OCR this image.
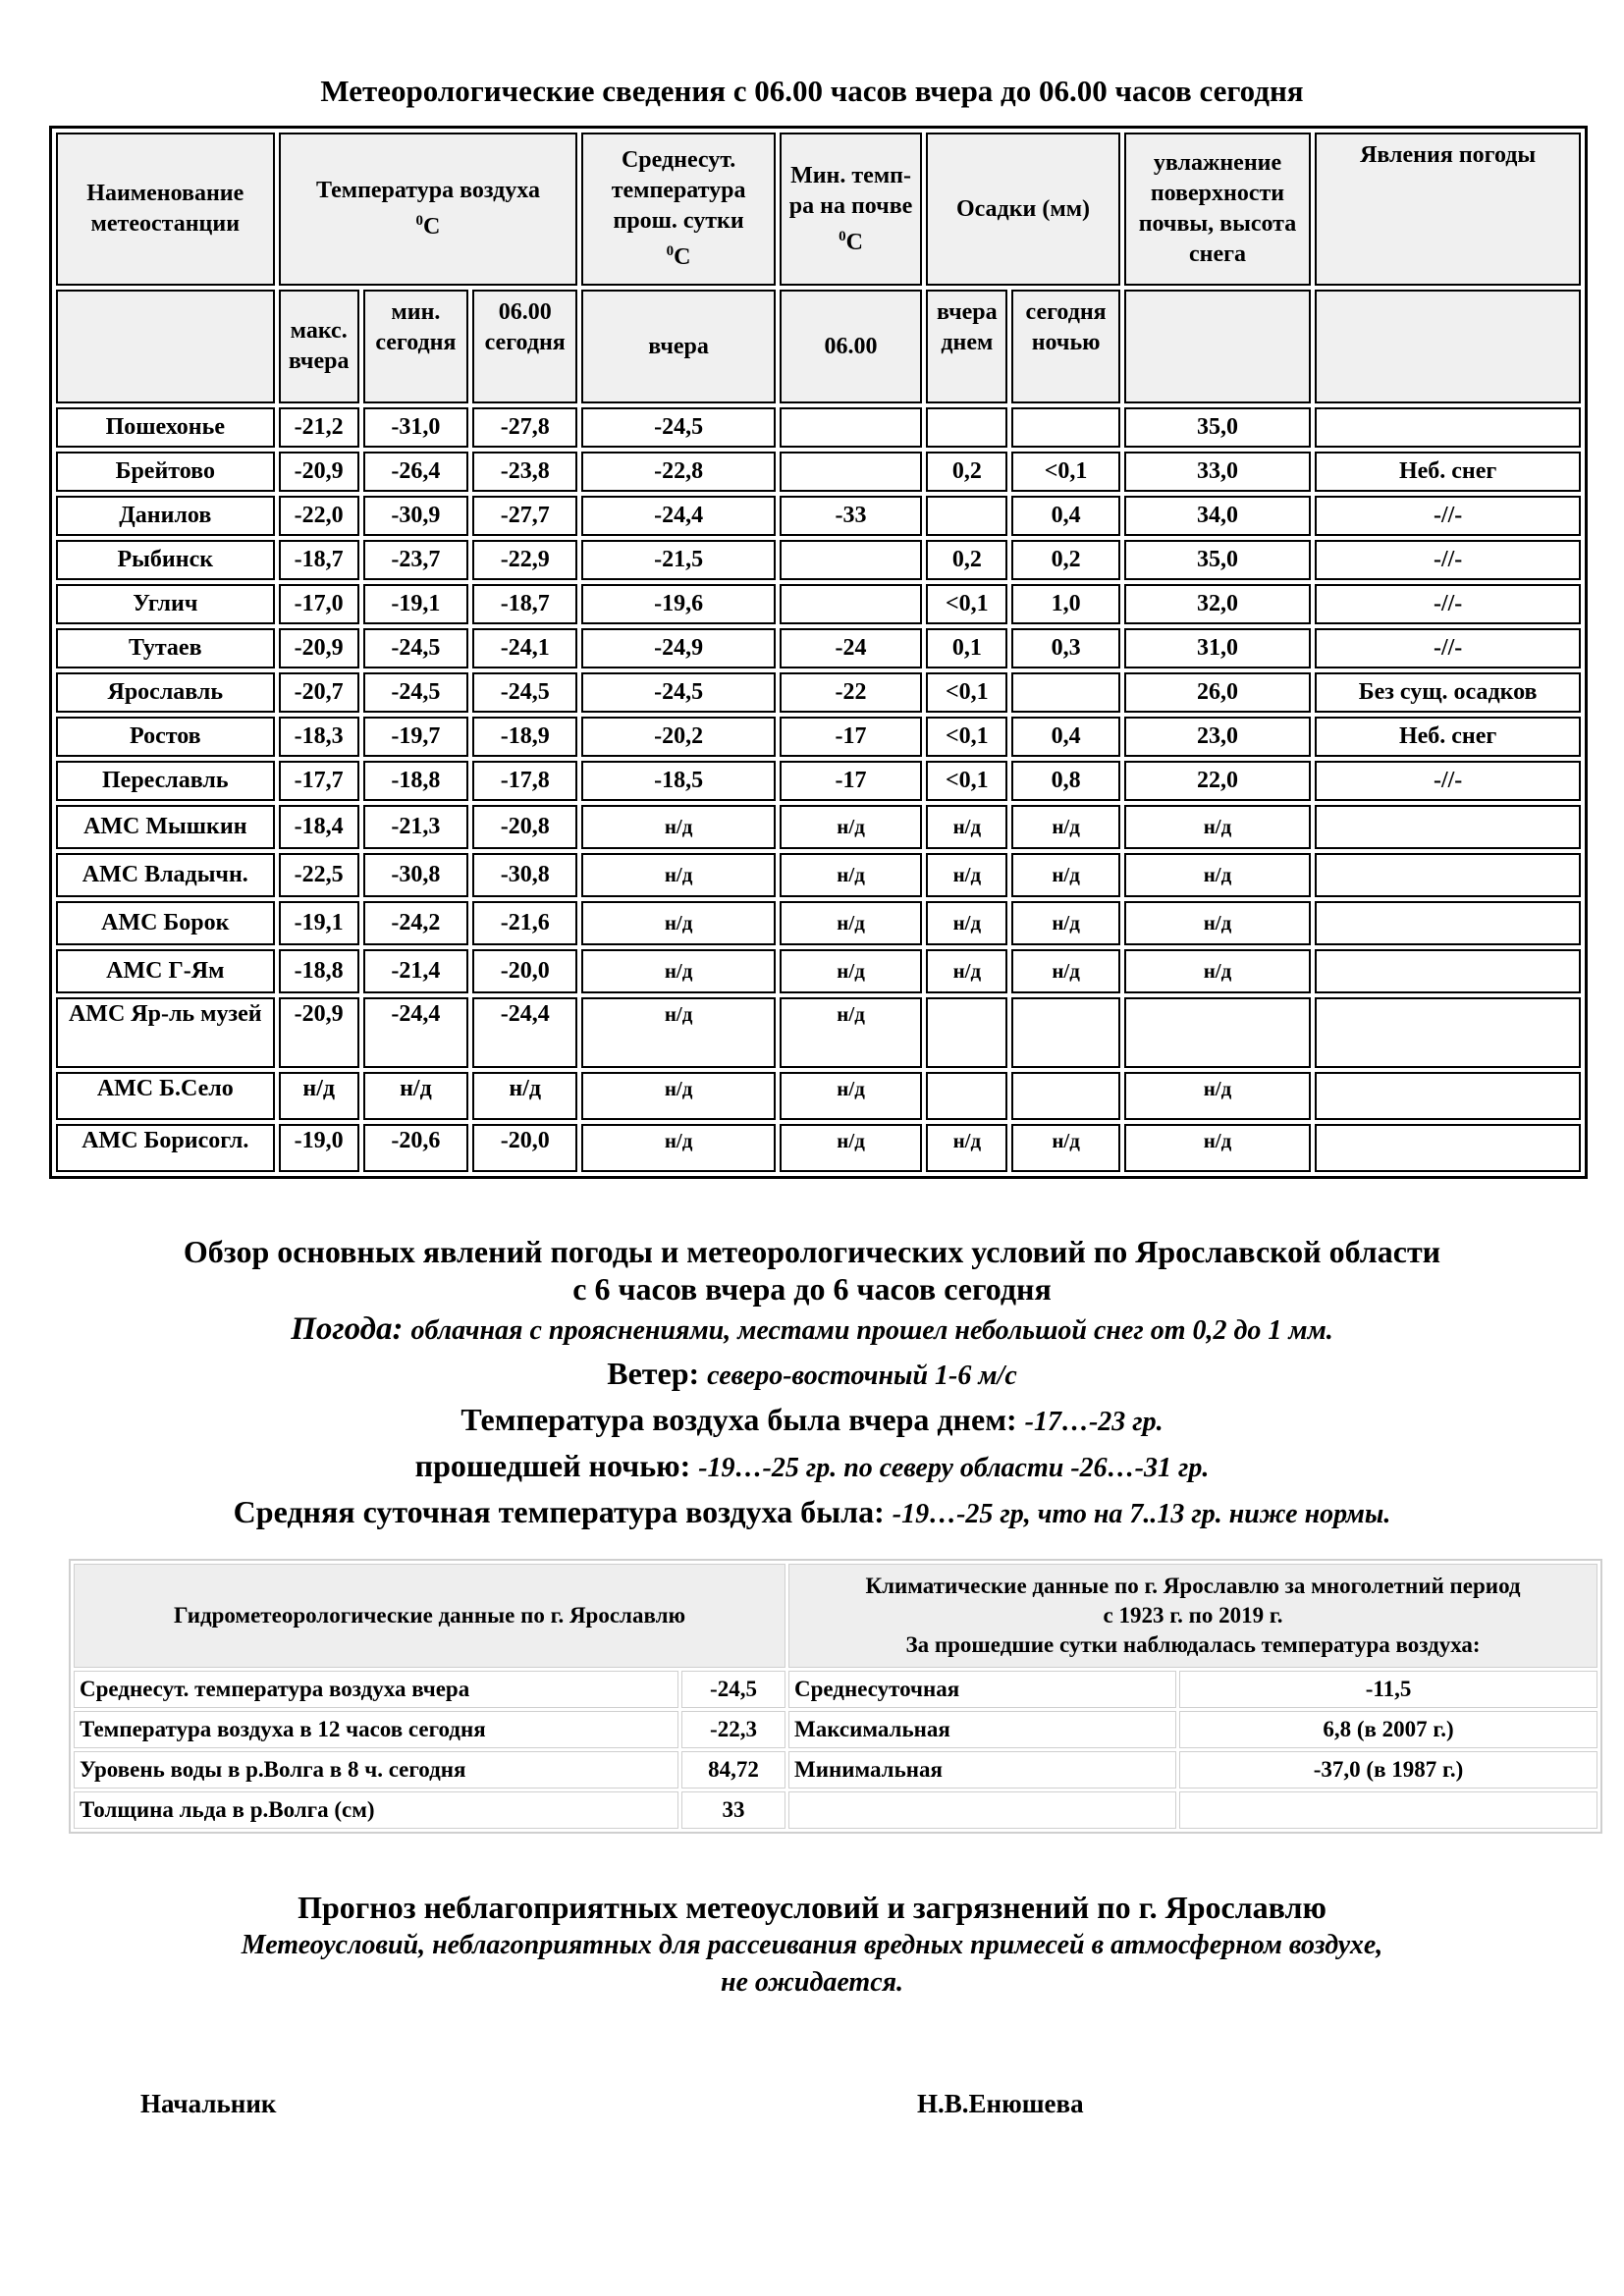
Метеорологические сведения с 06.00 часов вчера до 06.00 часов сегодня
Наименование метеостанции	Температура воздуха
$^0$С			Среднесут. температура прош. сутки
$^0$С	Мин. темп-ра на почве
$^0$С	Осадки (мм)		увлажнение поверхности почвы, высота снега	Явления погоды
	макс. вчера	мин. сегодня	06.00 сегодня	вчера	06.00	вчера днем	сегодня ночью		
Пошехонье	-21,2	-31,0	-27,8	-24,5				35,0	
Брейтово	-20,9	-26,4	-23,8	-22,8		0,2	<0,1	33,0	Неб. снег
Данилов	-22,0	-30,9	-27,7	-24,4	-33		0,4	34,0	-//-
Рыбинск	-18,7	-23,7	-22,9	-21,5		0,2	0,2	35,0	-//-
Углич	-17,0	-19,1	-18,7	-19,6		<0,1	1,0	32,0	-//-
Тутаев	-20,9	-24,5	-24,1	-24,9	-24	0,1	0,3	31,0	-//-
Ярославль	-20,7	-24,5	-24,5	-24,5	-22	<0,1		26,0	Без сущ. осадков
Ростов	-18,3	-19,7	-18,9	-20,2	-17	<0,1	0,4	23,0	Неб. снег
Переславль	-17,7	-18,8	-17,8	-18,5	-17	<0,1	0,8	22,0	-//-
АМС Мышкин	-18,4	-21,3	-20,8	н/д	н/д	н/д	н/д	н/д	
АМС Владычн.	-22,5	-30,8	-30,8	н/д	н/д	н/д	н/д	н/д	
АМС Борок	-19,1	-24,2	-21,6	н/д	н/д	н/д	н/д	н/д	
АМС Г-Ям	-18,8	-21,4	-20,0	н/д	н/д	н/д	н/д	н/д	
АМС Яр-ль музей	-20,9	-24,4	-24,4	н/д	н/д				
АМС Б.Село	н/д	н/д	н/д	н/д	н/д			н/д	
АМС Борисогл.	-19,0	-20,6	-20,0	н/д	н/д	н/д	н/д	н/д	
Обзор основных явлений погоды и метеорологических условий по Ярославской области
с 6 часов вчера до 6 часов сегодня
Погода: облачная с прояснениями, местами прошел небольшой снег от 0,2 до 1 мм.
Ветер: северо-восточный 1-6 м/с
Температура воздуха была вчера днем: -17…-23 гр.
прошедшей ночью: -19…-25 гр. по северу области -26…-31 гр.
Средняя суточная температура воздуха была: -19…-25 гр, что на 7..13 гр. ниже нормы.
Гидрометеорологические данные по г. Ярославлю		Климатические данные по г. Ярославлю за многолетний период
с 1923 г. по 2019 г.
За прошедшие сутки наблюдалась температура воздуха:	
Среднесут. температура воздуха вчера	-24,5	Среднесуточная	-11,5
Температура воздуха в 12 часов сегодня	-22,3	Максимальная	6,8 (в 2007 г.)
Уровень воды в р.Волга в 8 ч. сегодня	84,72	Минимальная	-37,0 (в 1987 г.)
Толщина льда в р.Волга (см)	33		
Прогноз неблагоприятных метеоусловий и загрязнений по г. Ярославлю
Метеоусловий, неблагоприятных для рассеивания вредных примесей в атмосферном воздухе,
не ожидается.
Начальник	Н.В.Енюшева
